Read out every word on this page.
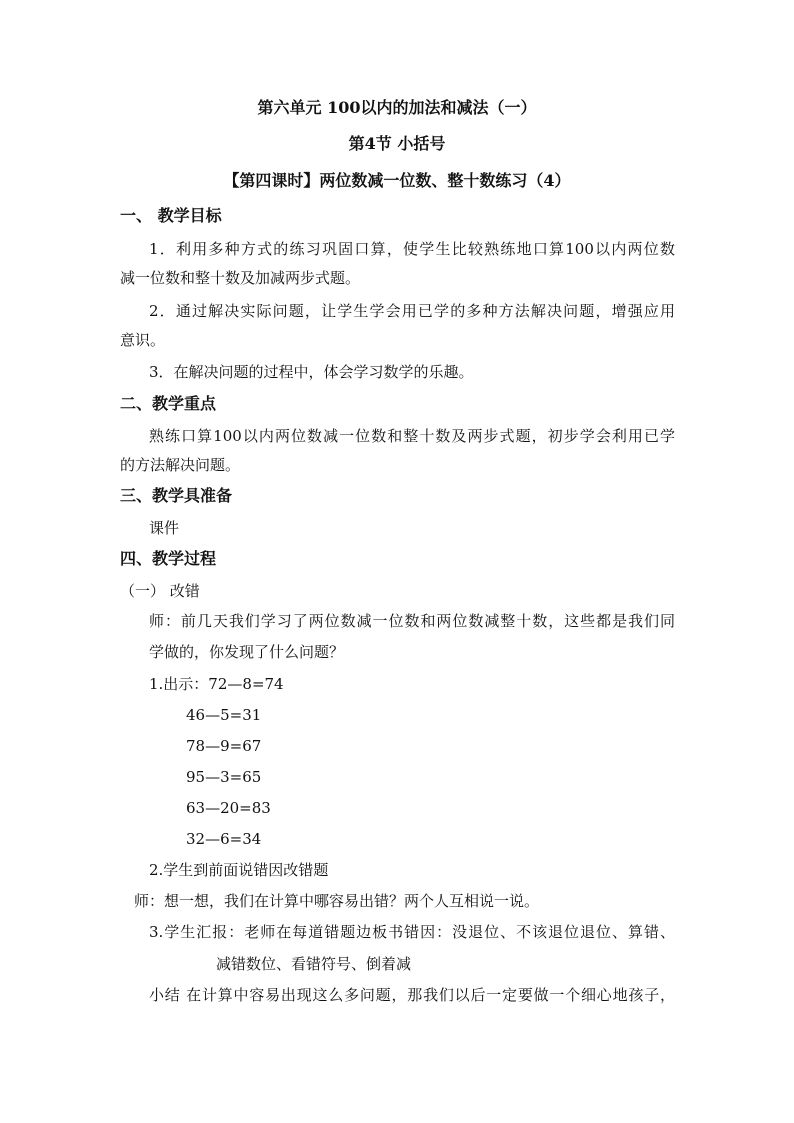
第六单元 100以内的加法和减法（一）
第4节 小括号
【第四课时】两位数减一位数、整十数练习（4）
一、 教学目标
1．利用多种方式的练习巩固口算，使学生比较熟练地口算100以内两位数
减一位数和整十数及加减两步式题。
2．通过解决实际问题，让学生学会用已学的多种方法解决问题，增强应用
意识。
3．在解决问题的过程中，体会学习数学的乐趣。
二、教学重点
熟练口算100以内两位数减一位数和整十数及两步式题，初步学会利用已学
的方法解决问题。
三、教学具准备
课件
四、教学过程
（一） 改错
师：前几天我们学习了两位数减一位数和两位数减整十数，这些都是我们同
学做的，你发现了什么问题？
1.出示：72—8=74
46—5=31
78—9=67
95—3=65
63—20=83
32—6=34
2.学生到前面说错因改错题
师：想一想，我们在计算中哪容易出错？两个人互相说一说。
3.学生汇报：老师在每道错题边板书错因：没退位、不该退位退位、算错、
减错数位、看错符号、倒着减
小结 在计算中容易出现这么多问题，那我们以后一定要做一个细心地孩子，
